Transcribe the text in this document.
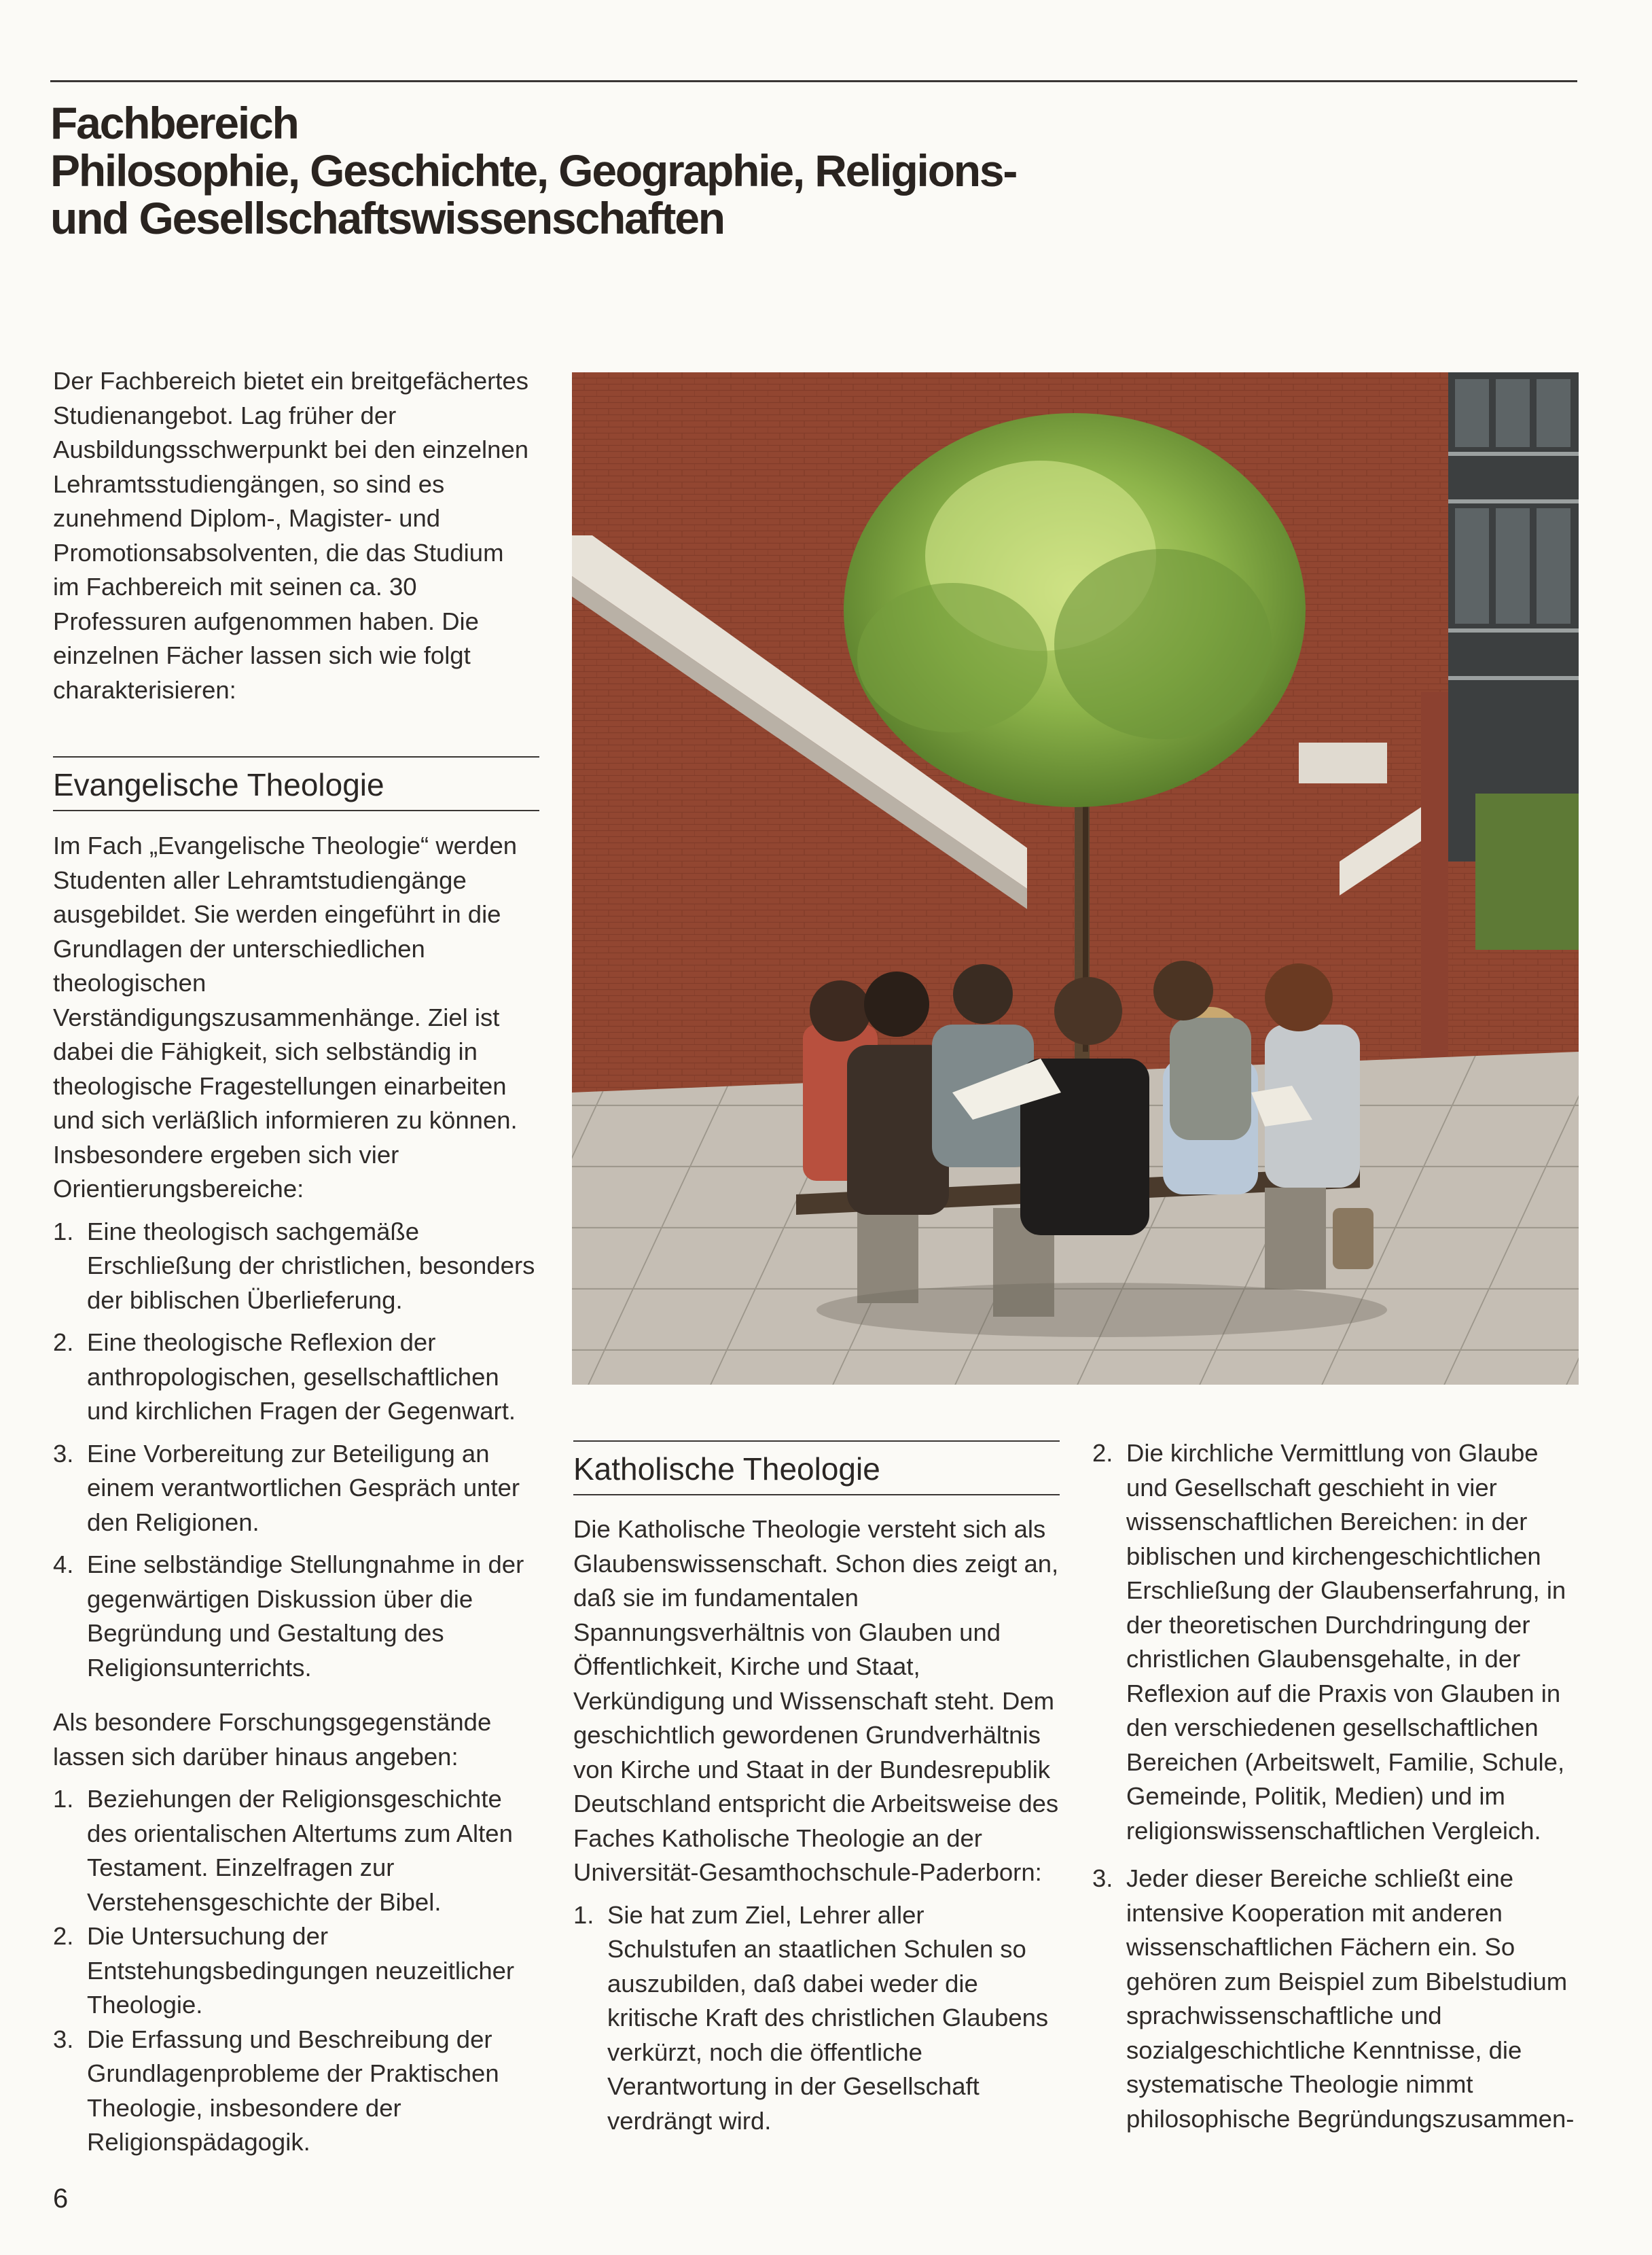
Fachbereich
Philosophie, Geschichte, Geographie, Religions-
und Gesellschaftswissenschaften

Der Fachbereich bietet ein breitgefächertes Studienangebot. Lag früher der Ausbildungsschwerpunkt bei den einzelnen Lehramtsstudiengängen, so sind es zunehmend Diplom-, Magister- und Promotionsabsolventen, die das Studium im Fachbereich mit seinen ca. 30 Professuren aufgenommen haben. Die einzelnen Fächer lassen sich wie folgt charakterisieren:

Evangelische Theologie

Im Fach „Evangelische Theologie“ werden Studenten aller Lehramtstudiengänge ausgebildet. Sie werden eingeführt in die Grundlagen der unterschiedlichen theologischen Verständigungszusammenhänge. Ziel ist dabei die Fähigkeit, sich selbständig in theologische Fragestellungen einarbeiten und sich verläßlich informieren zu können. Insbesondere ergeben sich vier Orientierungsbereiche:

1. Eine theologisch sachgemäße Erschließung der christlichen, besonders der biblischen Überlieferung.
2. Eine theologische Reflexion der anthropologischen, gesellschaftlichen und kirchlichen Fragen der Gegenwart.
3. Eine Vorbereitung zur Beteiligung an einem verantwortlichen Gespräch unter den Religionen.
4. Eine selbständige Stellungnahme in der gegenwärtigen Diskussion über die Begründung und Gestaltung des Religionsunterrichts.

Als besondere Forschungsgegenstände lassen sich darüber hinaus angeben:

1. Beziehungen der Religionsgeschichte des orientalischen Altertums zum Alten Testament. Einzelfragen zur Verstehensgeschichte der Bibel.
2. Die Untersuchung der Entstehungsbedingungen neuzeitlicher Theologie.
3. Die Erfassung und Beschreibung der Grundlagenprobleme der Praktischen Theologie, insbesondere der Religionspädagogik.
Katholische Theologie

Die Katholische Theologie versteht sich als Glaubenswissenschaft. Schon dies zeigt an, daß sie im fundamentalen Spannungsverhältnis von Glauben und Öffentlichkeit, Kirche und Staat, Verkündigung und Wissenschaft steht. Dem geschichtlich gewordenen Grundverhältnis von Kirche und Staat in der Bundesrepublik Deutschland entspricht die Arbeitsweise des Faches Katholische Theologie an der Universität-Gesamthochschule-Paderborn:

1. Sie hat zum Ziel, Lehrer aller Schulstufen an staatlichen Schulen so auszubilden, daß dabei weder die kritische Kraft des christlichen Glaubens verkürzt, noch die öffentliche Verantwortung in der Gesellschaft verdrängt wird.
2. Die kirchliche Vermittlung von Glaube und Gesellschaft geschieht in vier wissenschaftlichen Bereichen: in der biblischen und kirchengeschichtlichen Erschließung der Glaubenserfahrung, in der theoretischen Durchdringung der christlichen Glaubensgehalte, in der Reflexion auf die Praxis von Glauben in den verschiedenen gesellschaftlichen Bereichen (Arbeitswelt, Familie, Schule, Gemeinde, Politik, Medien) und im religionswissenschaftlichen Vergleich.
3. Jeder dieser Bereiche schließt eine intensive Kooperation mit anderen wissenschaftlichen Fächern ein. So gehören zum Beispiel zum Bibelstudium sprachwissenschaftliche und sozialgeschichtliche Kenntnisse, die systematische Theologie nimmt philosophische Begründungszusammen-
6
